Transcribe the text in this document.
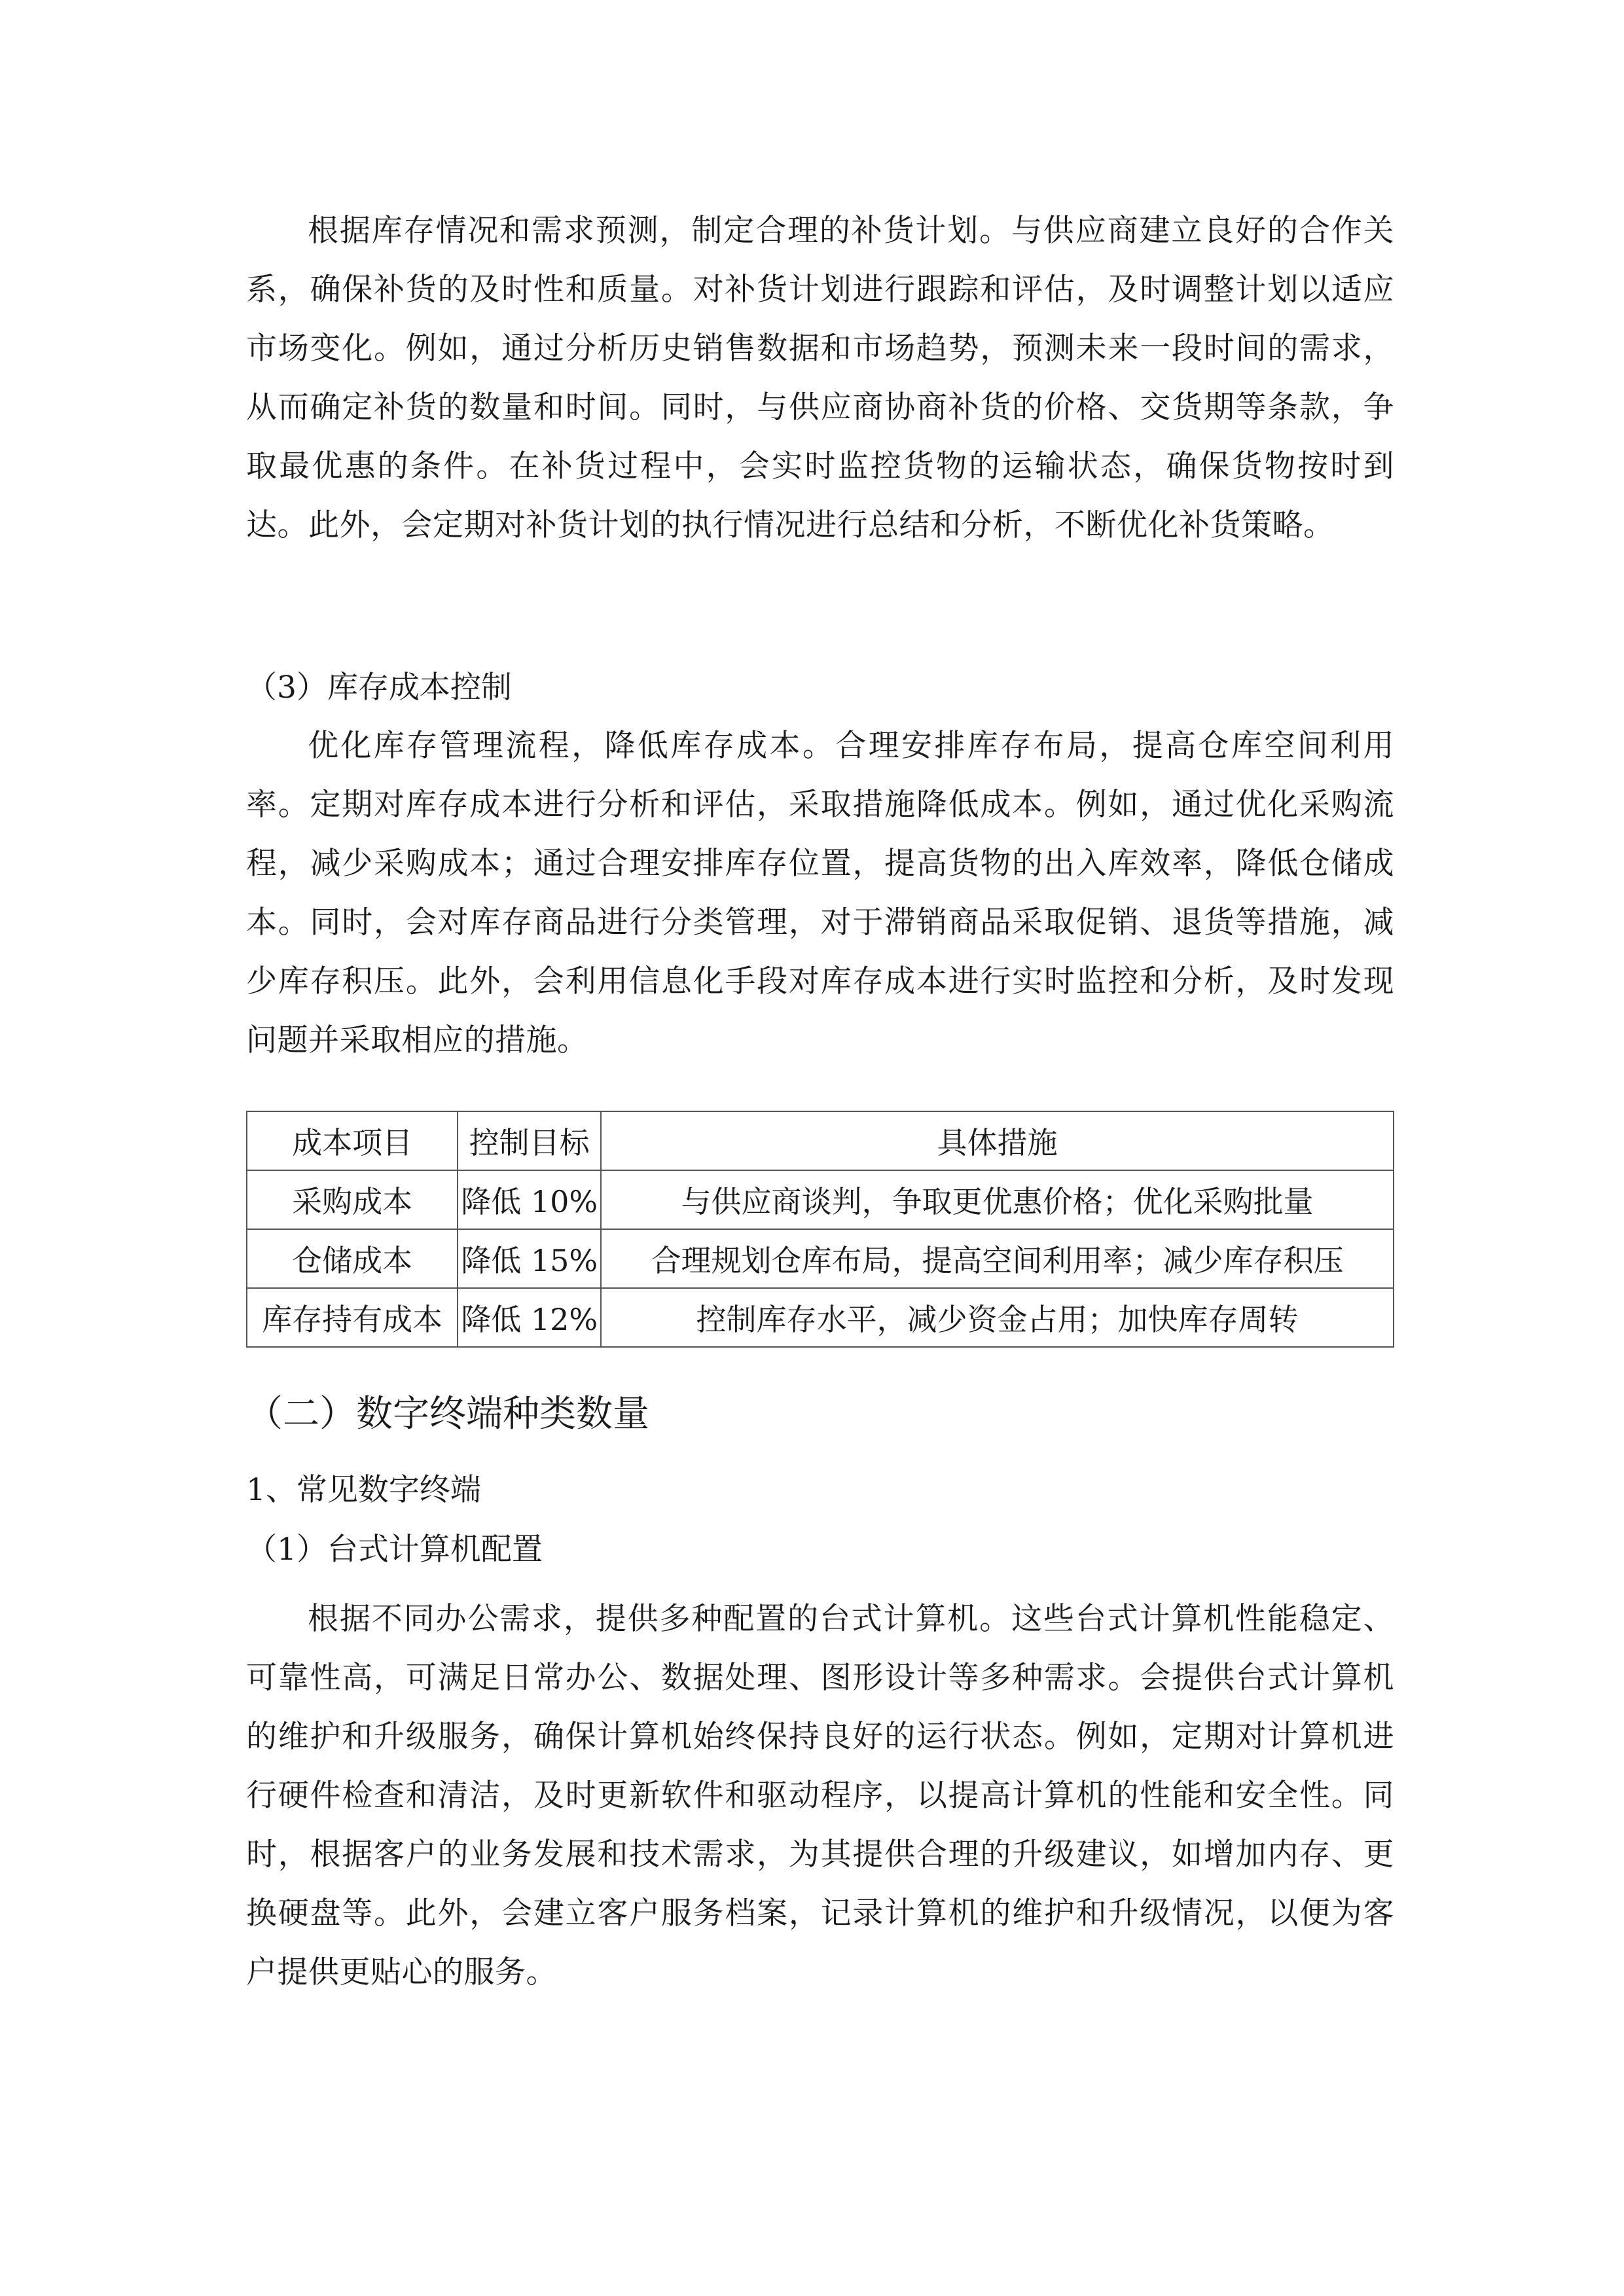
根据库存情况和需求预测，制定合理的补货计划。与供应商建立良好的合作关系，确保补货的及时性和质量。对补货计划进行跟踪和评估，及时调整计划以适应市场变化。例如，通过分析历史销售数据和市场趋势，预测未来一段时间的需求，从而确定补货的数量和时间。同时，与供应商协商补货的价格、交货期等条款，争取最优惠的条件。在补货过程中，会实时监控货物的运输状态，确保货物按时到达。此外，会定期对补货计划的执行情况进行总结和分析，不断优化补货策略。

（3）库存成本控制

优化库存管理流程，降低库存成本。合理安排库存布局，提高仓库空间利用率。定期对库存成本进行分析和评估，采取措施降低成本。例如，通过优化采购流程，减少采购成本；通过合理安排库存位置，提高货物的出入库效率，降低仓储成本。同时，会对库存商品进行分类管理，对于滞销商品采取促销、退货等措施，减少库存积压。此外，会利用信息化手段对库存成本进行实时监控和分析，及时发现问题并采取相应的措施。

成本项目	控制目标	具体措施
采购成本	降低 10%	与供应商谈判，争取更优惠价格；优化采购批量
仓储成本	降低 15%	合理规划仓库布局，提高空间利用率；减少库存积压
库存持有成本	降低 12%	控制库存水平，减少资金占用；加快库存周转

（二）数字终端种类数量

1、常见数字终端

（1）台式计算机配置

根据不同办公需求，提供多种配置的台式计算机。这些台式计算机性能稳定、可靠性高，可满足日常办公、数据处理、图形设计等多种需求。会提供台式计算机的维护和升级服务，确保计算机始终保持良好的运行状态。例如，定期对计算机进行硬件检查和清洁，及时更新软件和驱动程序，以提高计算机的性能和安全性。同时，根据客户的业务发展和技术需求，为其提供合理的升级建议，如增加内存、更换硬盘等。此外，会建立客户服务档案，记录计算机的维护和升级情况，以便为客户提供更贴心的服务。
